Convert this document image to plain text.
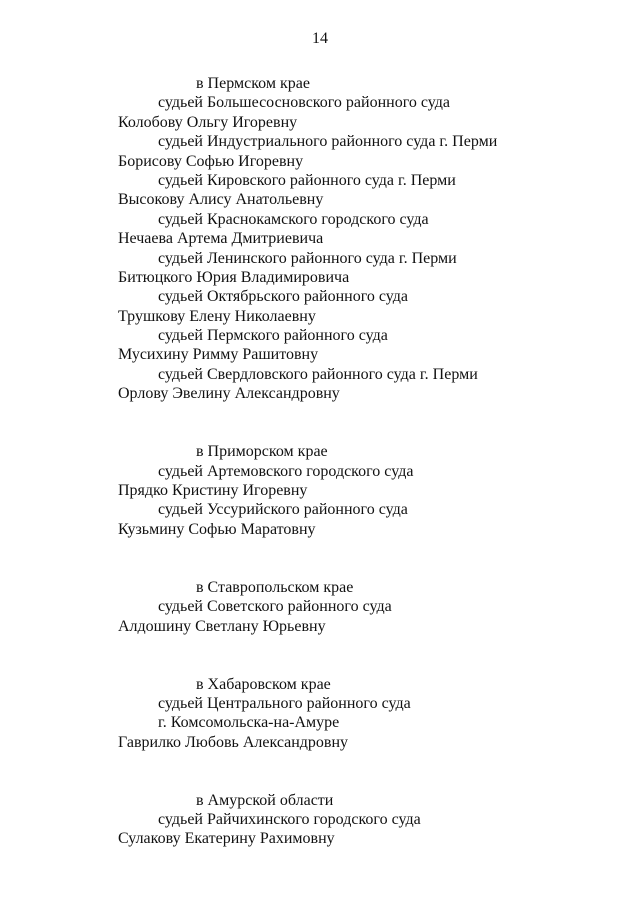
14
в Пермском крае
судьей Большесосновского районного суда
Колобову Ольгу Игоревну
судьей Индустриального районного суда г. Перми
Борисову Софью Игоревну
судьей Кировского районного суда г. Перми
Высокову Алису Анатольевну
судьей Краснокамского городского суда
Нечаева Артема Дмитриевича
судьей Ленинского районного суда г. Перми
Битюцкого Юрия Владимировича
судьей Октябрьского районного суда
Трушкову Елену Николаевну
судьей Пермского районного суда
Мусихину Римму Рашитовну
судьей Свердловского районного суда г. Перми
Орлову Эвелину Александровну
в Приморском крае
судьей Артемовского городского суда
Прядко Кристину Игоревну
судьей Уссурийского районного суда
Кузьмину Софью Маратовну
в Ставропольском крае
судьей Советского районного суда
Алдошину Светлану Юрьевну
в Хабаровском крае
судьей Центрального районного суда
г. Комсомольска-на-Амуре
Гаврилко Любовь Александровну
в Амурской области
судьей Райчихинского городского суда
Сулакову Екатерину Рахимовну
